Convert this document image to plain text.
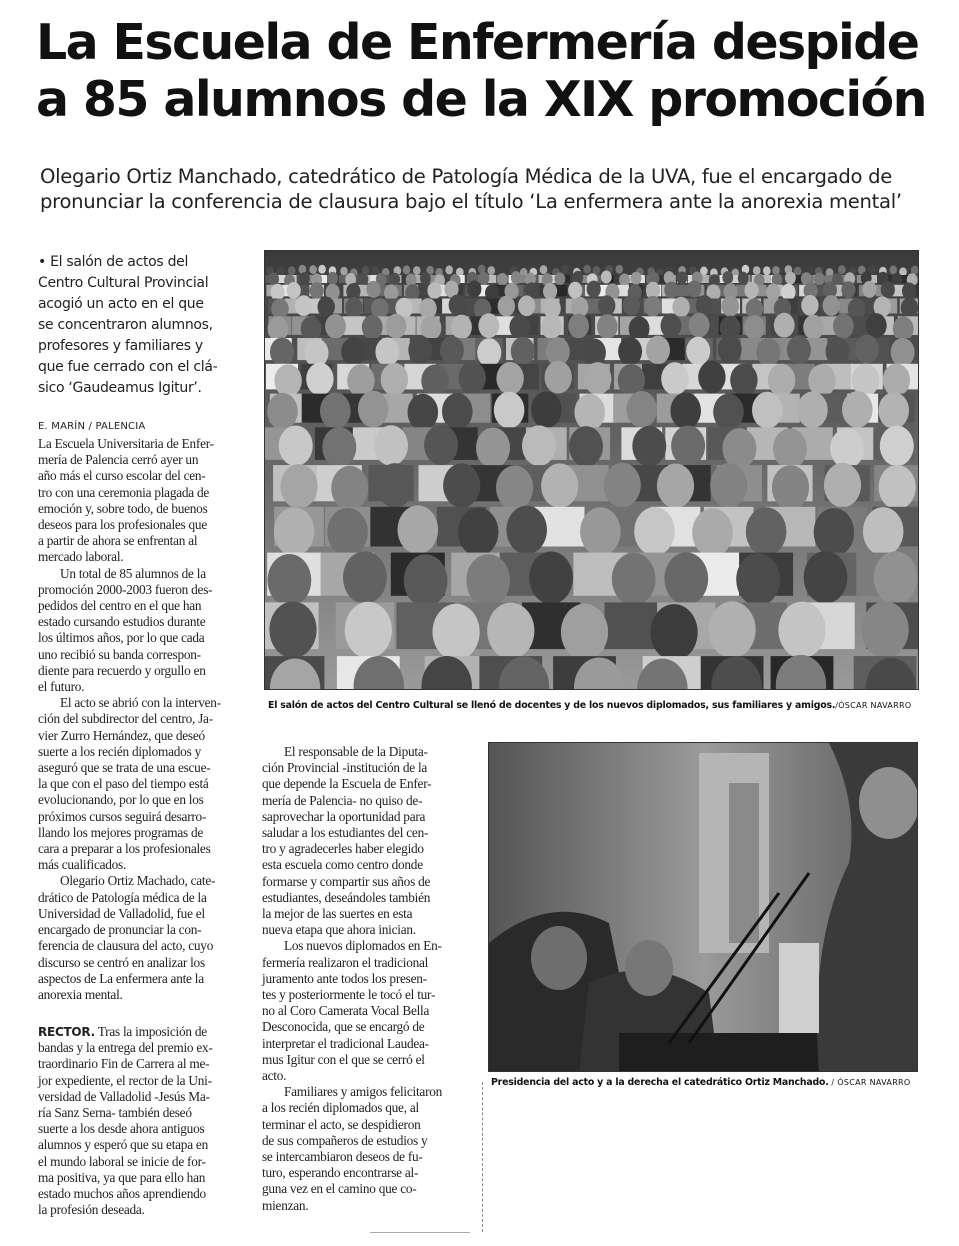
La Escuela de Enfermería despide
a 85 alumnos de la XIX promoción
Olegario Ortiz Manchado, catedrático de Patología Médica de la UVA, fue el encargado de
pronunciar la conferencia de clausura bajo el título ‘La enfermera ante la anorexia mental’
• El salón de actos del
Centro Cultural Provincial
acogió un acto en el que
se concentraron alumnos,
profesores y familiares y
que fue cerrado con el clá-
sico ‘Gaudeamus Igitur’.
E. MARÍN / PALENCIA
La Escuela Universitaria de Enfer-
mería de Palencia cerró ayer un
año más el curso escolar del cen-
tro con una ceremonia plagada de
emoción y, sobre todo, de buenos
deseos para los profesionales que
a partir de ahora se enfrentan al
mercado laboral.
Un total de 85 alumnos de la
promoción 2000-2003 fueron des-
pedidos del centro en el que han
estado cursando estudios durante
los últimos años, por lo que cada
uno recibió su banda correspon-
diente para recuerdo y orgullo en
el futuro.
El acto se abrió con la interven-
ción del subdirector del centro, Ja-
vier Zurro Hernández, que deseó
suerte a los recién diplomados y
aseguró que se trata de una escue-
la que con el paso del tiempo está
evolucionando, por lo que en los
próximos cursos seguirá desarro-
llando los mejores programas de
cara a preparar a los profesionales
más cualificados.
Olegario Ortiz Machado, cate-
drático de Patología médica de la
Universidad de Valladolid, fue el
encargado de pronunciar la con-
ferencia de clausura del acto, cuyo
discurso se centró en analizar los
aspectos de La enfermera ante la
anorexia mental.
RECTOR. Tras la imposición de
bandas y la entrega del premio ex-
traordinario Fin de Carrera al me-
jor expediente, el rector de la Uni-
versidad de Valladolid -Jesús Ma-
ría Sanz Serna- también deseó
suerte a los desde ahora antiguos
alumnos y esperó que su etapa en
el mundo laboral se inicie de for-
ma positiva, ya que para ello han
estado muchos años aprendiendo
la profesión deseada.
El responsable de la Diputa-
ción Provincial -institución de la
que depende la Escuela de Enfer-
mería de Palencia- no quiso de-
saprovechar la oportunidad para
saludar a los estudiantes del cen-
tro y agradecerles haber elegido
esta escuela como centro donde
formarse y compartir sus años de
estudiantes, deseándoles también
la mejor de las suertes en esta
nueva etapa que ahora inician.
Los nuevos diplomados en En-
fermería realizaron el tradicional
juramento ante todos los presen-
tes y posteriormente le tocó el tur-
no al Coro Camerata Vocal Bella
Desconocida, que se encargó de
interpretar el tradicional Laudea-
mus Igitur con el que se cerró el
acto.
Familiares y amigos felicitaron
a los recién diplomados que, al
terminar el acto, se despidieron
de sus compañeros de estudios y
se intercambiaron deseos de fu-
turo, esperando encontrarse al-
guna vez en el camino que co-
mienzan.
El salón de actos del Centro Cultural se llenó de docentes y de los nuevos diplomados, sus familiares y amigos./ÓSCAR NAVARRO
Presidencia del acto y a la derecha el catedrático Ortiz Manchado. / ÓSCAR NAVARRO
